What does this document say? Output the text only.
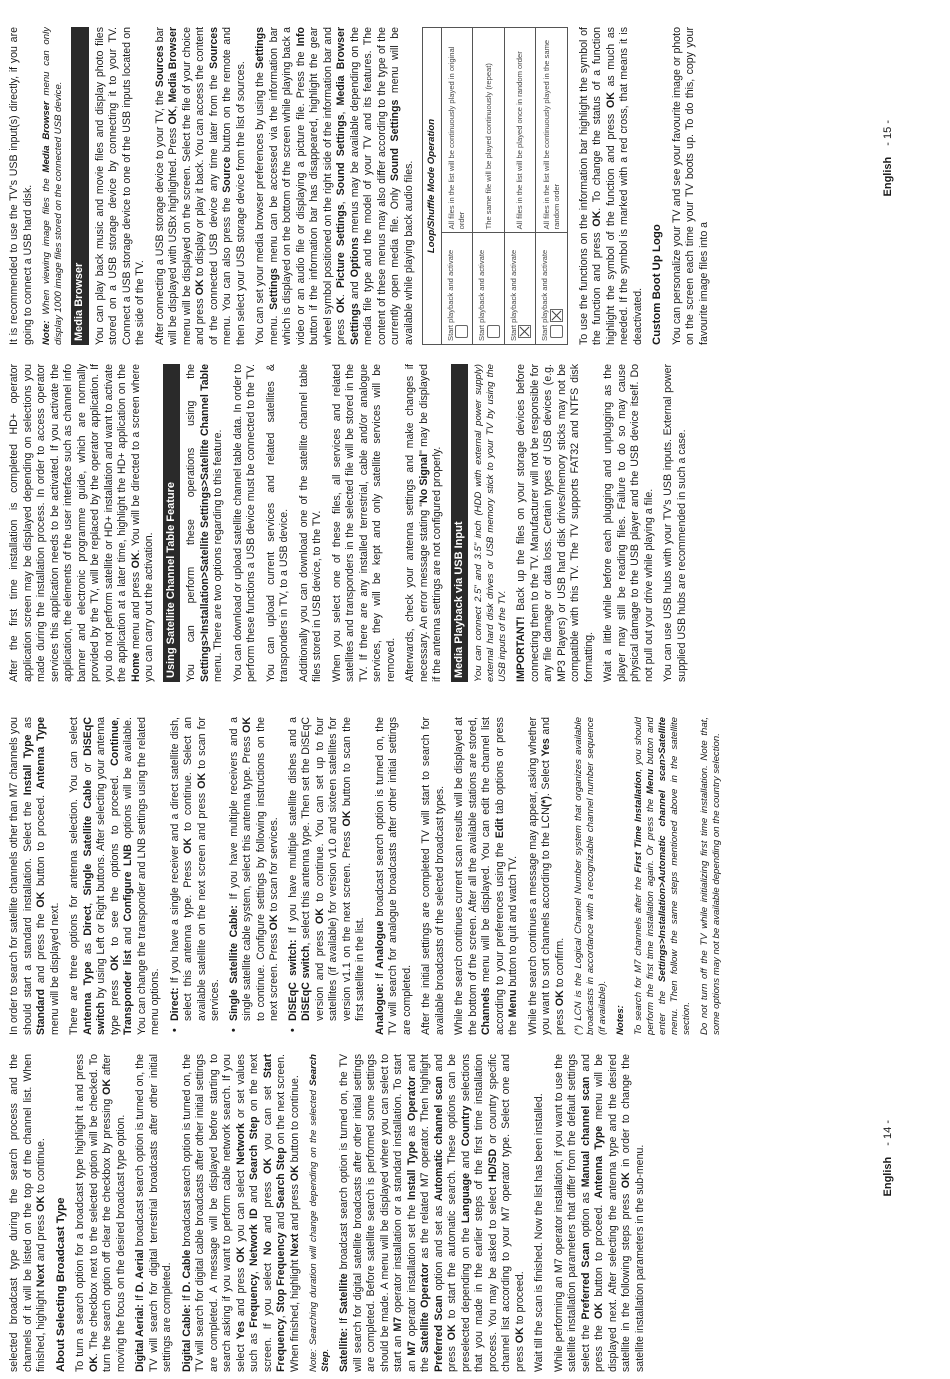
selected broadcast type during the search process and the channels of it will be listed on the top of the channel list. When finished, highlight Next and press OK to continue.

About Selecting Broadcast Type To turn a search option for a broadcast type highlight it and press OK. The checkbox next to the selected option will be checked. To turn the search option off clear the checkbox by pressing OK after moving the focus on the desired broadcast type option. Digital Aerial: If D. Aerial broadcast search option is turned on, the TV will search for digital terrestrial broadcasts after other initial settings are completed. Digital Cable: If D. Cable broadcast search option is turned on, the TV will search for digital cable broadcasts after other initial settings are completed. A message will be displayed before starting to search asking if you want to perform cable network search. If you select Yes and press OK you can select Network or set values such as Frequency, Network ID and Search Step on the next screen. If you select No and press OK you can set Start Frequency, Stop Frequency and Search Step on the next screen. When finished, highlight Next and press OK button to continue. Note: Searching duration will change depending on the selected Search Step. Satellite: If Satellite broadcast search option is turned on, the TV will search for digital satellite broadcasts after other initial settings are completed. Before satellite search is performed some settings should be made. A menu will be displayed where you can select to start an M7 operator installation or a standard installation. To start an M7 operator installation set the Install Type as Operator and the Satellite Operator as the related M7 operator. Then highlight Preferred Scan option and set as Automatic channel scan and press OK to start the automatic search. These options can be preselected depending on the Language and Country selections that you made in the earlier steps of the first time installation process. You may be asked to select HD/SD or country specific channel list according to your M7 operator type. Select one and press OK to proceed. Wait till the scan is finished. Now the list has been installed. While performing an M7 operator installation, if you want to use the satellite installation parameters that differ from the default settings select the Preferred Scan option as Manual channel scan and press the OK button to proceed. Antenna Type menu will be displayed next. After selecting the antenna type and the desired satellite in the following steps press OK in order to change the satellite installation parameters in the sub-menu.

In order to search for satellite channels other than M7 channels you should start a standard installation. Select the Install Type as Standard and press the OK button to proceed. Antenna Type menu will be displayed next. There are three options for antenna selection. You can select Antenna Type as Direct, Single Satellite Cable or DiSEqC switch by using Left or Right buttons. After selecting your antenna type press OK to see the options to proceed. Continue, Transponder list and Configure LNB options will be available. You can change the transponder and LNB settings using the related menu options. • Direct: If you have a single receiver and a direct satellite dish, select this antenna type. Press OK to continue. Select an available satellite on the next screen and press OK to scan for services. • Single Satellite Cable: If you have multiple receivers and a single satellite cable system, select this antenna type. Press OK to continue. Configure settings by following instructions on the next screen. Press OK to scan for services.
• DiSEqC switch: If you have multiple satellite dishes and a DiSEqC switch, select this antenna type. Then set the DiSEqC version and press OK to continue. You can set up to four satellites (if available) for version v1.0 and sixteen satellites for version v1.1 on the next screen. Press OK button to scan the first satellite in the list. Analogue: If Analogue broadcast search option is turned on, the TV will search for analogue broadcasts after other initial settings are completed. After the initial settings are completed TV will start to search for available broadcasts of the selected broadcast types. While the search continues current scan results will be displayed at the bottom of the screen. After all the available stations are stored, Channels menu will be displayed. You can edit the channel list according to your preferences using the Edit tab options or press the Menu button to quit and watch TV. While the search continues a message may appear, asking whether you want to sort channels according to the LCN(*). Select Yes and press OK to confirm. (*) LCN is the Logical Channel Number system that organizes available broadcasts in accordance with a recognizable channel number sequence (if available). Notes: To search for M7 channels after the First Time Installation, you should perform the first time installation again. Or press the Menu button and enter the Settings>Installation>Automatic channel scan>Satellite menu. Then follow the same steps mentioned above in the satellite section. Do not turn off the TV while initializing first time installation. Note that, some options may not be available depending on the country selection.

English - 14 -

After the first time installation is completed HD+ operator application screen may be displayed depending on selections you made during the installation process. In order to access operator services this application needs to be activated. If you activate the application, the elements of the user interface such as channel info banner and electronic programme guide, which are normally provided by the TV, will be replaced by the operator application. If you do not perform satellite or HD+ installation and want to activate the application at a later time, highlight the HD+ application on the Home menu and press OK. You will be directed to a screen where you can carry out the activation. Using Satellite Channel Table Feature You can perform these operations using the Settings>Installation>Satellite Settings>Satellite Channel Table menu. There are two options regarding to this feature. You can download or upload satellite channel table data. In order to perform these functions a USB device must be connected to the TV. You can upload current services and related satellites & transponders in TV, to a USB device. Additionally you can download one of the satellite channel table files stored in USB device, to the TV. When you select one of these files, all services and related satellites and transponders in the selected file will be stored in the TV. If there are any installed terrestrial, cable and/or analogue services, they will be kept and only satellite services will be removed. Afterwards, check your antenna settings and make changes if necessary. An error message stating "No Signal" may be displayed if the antenna settings are not configured properly. Media Playback via USB Input You can connect 2.5" and 3.5" inch (HDD with external power supply) external hard disk drives or USB memory stick to your TV by using the USB inputs of the TV. IMPORTANT! Back up the files on your storage devices before connecting them to the TV. Manufacturer will not be responsible for any file damage or data loss. Certain types of USB devices (e.g. MP3 Players) or USB hard disk drives/memory sticks may not be compatible with this TV. The TV supports FAT32 and NTFS disk formatting. Wait a little while before each plugging and unplugging as the player may still be reading files. Failure to do so may cause physical damage to the USB player and the USB device itself. Do not pull out your drive while playing a file. You can use USB hubs with your TV's USB inputs. External power supplied USB hubs are recommended in such a case.

It is recommended to use the TV's USB input(s) directly, if you are going to connect a USB hard disk. Note: When viewing image files the Media Browser menu can only display 1000 image files stored on the connected USB device. Media Browser You can play back music and movie files and display photo files stored on a USB storage device by connecting it to your TV. Connect a USB storage device to one of the USB inputs located on the side of the TV. After connecting a USB storage device to your TV, the Sources bar will be displayed with USBx highlighted. Press OK, Media Browser menu will be displayed on the screen. Select the file of your choice and press OK to display or play it back. You can access the content of the connected USB device any time later from the Sources menu. You can also press the Source button on the remote and then select your USB storage device from the list of sources. You can set your media browser preferences by using the Settings menu. Settings menu can be accessed via the information bar which is displayed on the bottom of the screen while playing back a video or an audio file or displaying a picture file. Press the Info button if the information bar has disappeared, highlight the gear wheel symbol positioned on the right side of the information bar and press OK. Picture Settings, Sound Settings, Media Browser Settings and Options menus may be available depending on the media file type and the model of your TV and its features. The content of these menus may also differ according to the type of the currently open media file. Only Sound Settings menu will be available while playing back audio files. Loop/Shuffle Mode Operation	
Start playback and activate	All files in the list will be continuously played in original order
Start playback and activate	The same file will be played continuously (repeat)
Start playback and activate	All files in the list will be played once in random order
Start playback and activate	All files in the list will be continuously played in the same random order To use the functions on the information bar highlight the symbol of the function and press OK. To change the status of a function highlight the symbol of the function and press OK as much as needed. If the symbol is marked with a red cross, that means it is deactivated. Custom Boot Up Logo You can personalize your TV and see your favourite image or photo on the screen each time your TV boots up. To do this, copy your favourite image files into a

English - 15 -
